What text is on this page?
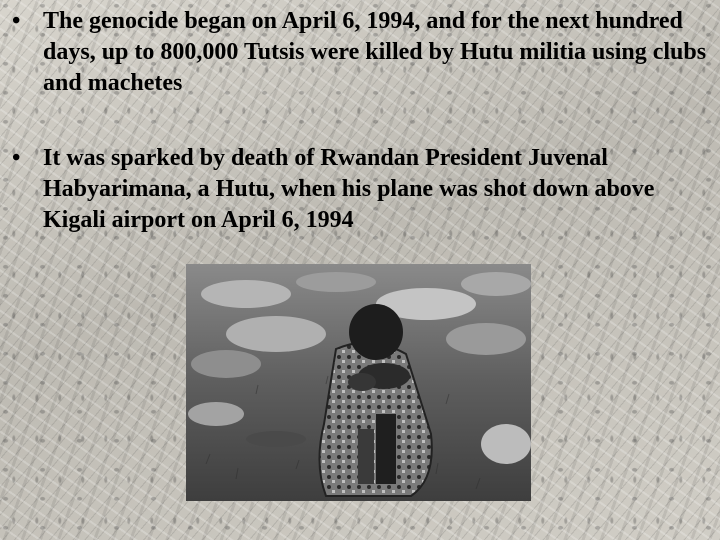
• The genocide began on April 6, 1994, and for the next hundred days, up to 800,000 Tutsis were killed by Hutu militia using clubs and machetes
• It was sparked by death of Rwandan President Juvenal Habyarimana, a Hutu, when his plane was shot down above Kigali airport on April 6, 1994
